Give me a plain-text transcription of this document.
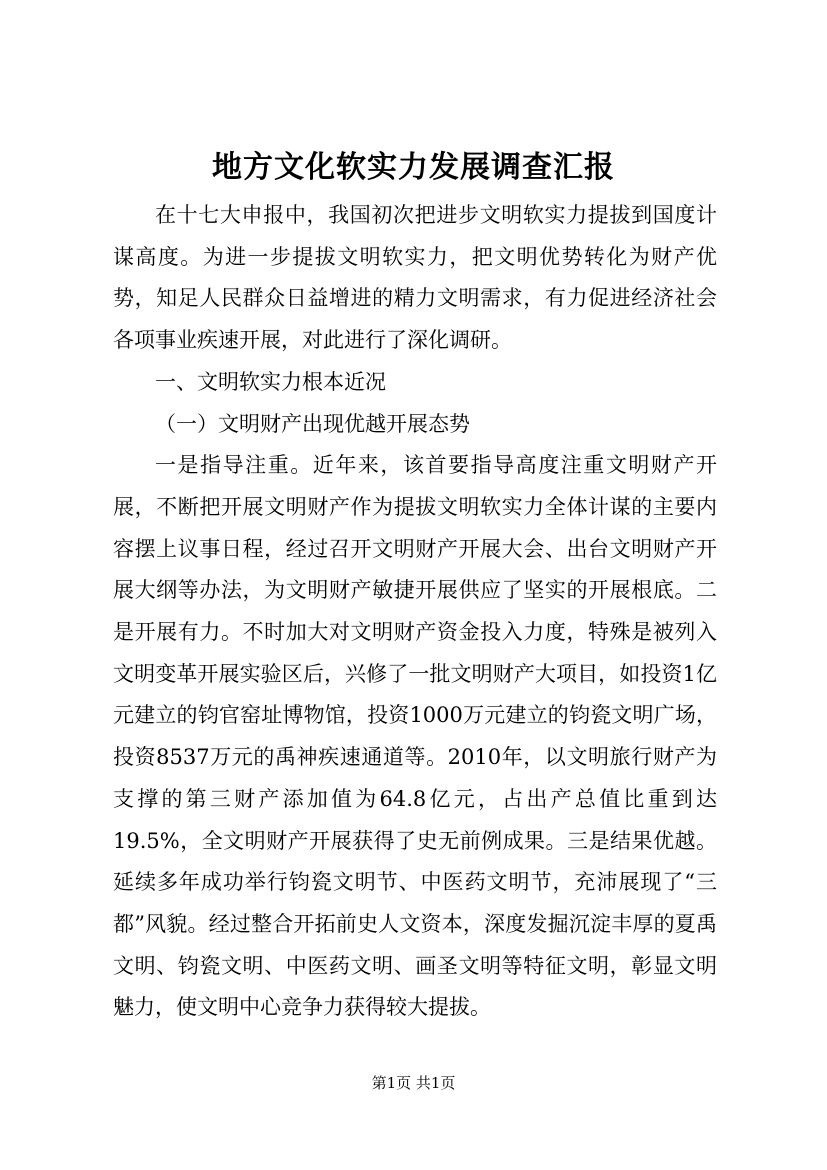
地方文化软实力发展调查汇报

在十七大申报中，我国初次把进步文明软实力提拔到国度计谋高度。为进一步提拔文明软实力，把文明优势转化为财产优势，知足人民群众日益增进的精力文明需求，有力促进经济社会各项事业疾速开展，对此进行了深化调研。

一、文明软实力根本近况

（一）文明财产出现优越开展态势

一是指导注重。近年来，该首要指导高度注重文明财产开展，不断把开展文明财产作为提拔文明软实力全体计谋的主要内容摆上议事日程，经过召开文明财产开展大会、出台文明财产开展大纲等办法，为文明财产敏捷开展供应了坚实的开展根底。二是开展有力。不时加大对文明财产资金投入力度，特殊是被列入文明变革开展实验区后，兴修了一批文明财产大项目，如投资1亿元建立的钧官窑址博物馆，投资1000万元建立的钧瓷文明广场，投资8537万元的禹神疾速通道等。2010年，以文明旅行财产为支撑的第三财产添加值为64.8亿元，占出产总值比重到达19.5%，全文明财产开展获得了史无前例成果。三是结果优越。延续多年成功举行钧瓷文明节、中医药文明节，充沛展现了“三都”风貌。经过整合开拓前史人文资本，深度发掘沉淀丰厚的夏禹文明、钧瓷文明、中医药文明、画圣文明等特征文明，彰显文明魅力，使文明中心竞争力获得较大提拔。

第1页 共1页
